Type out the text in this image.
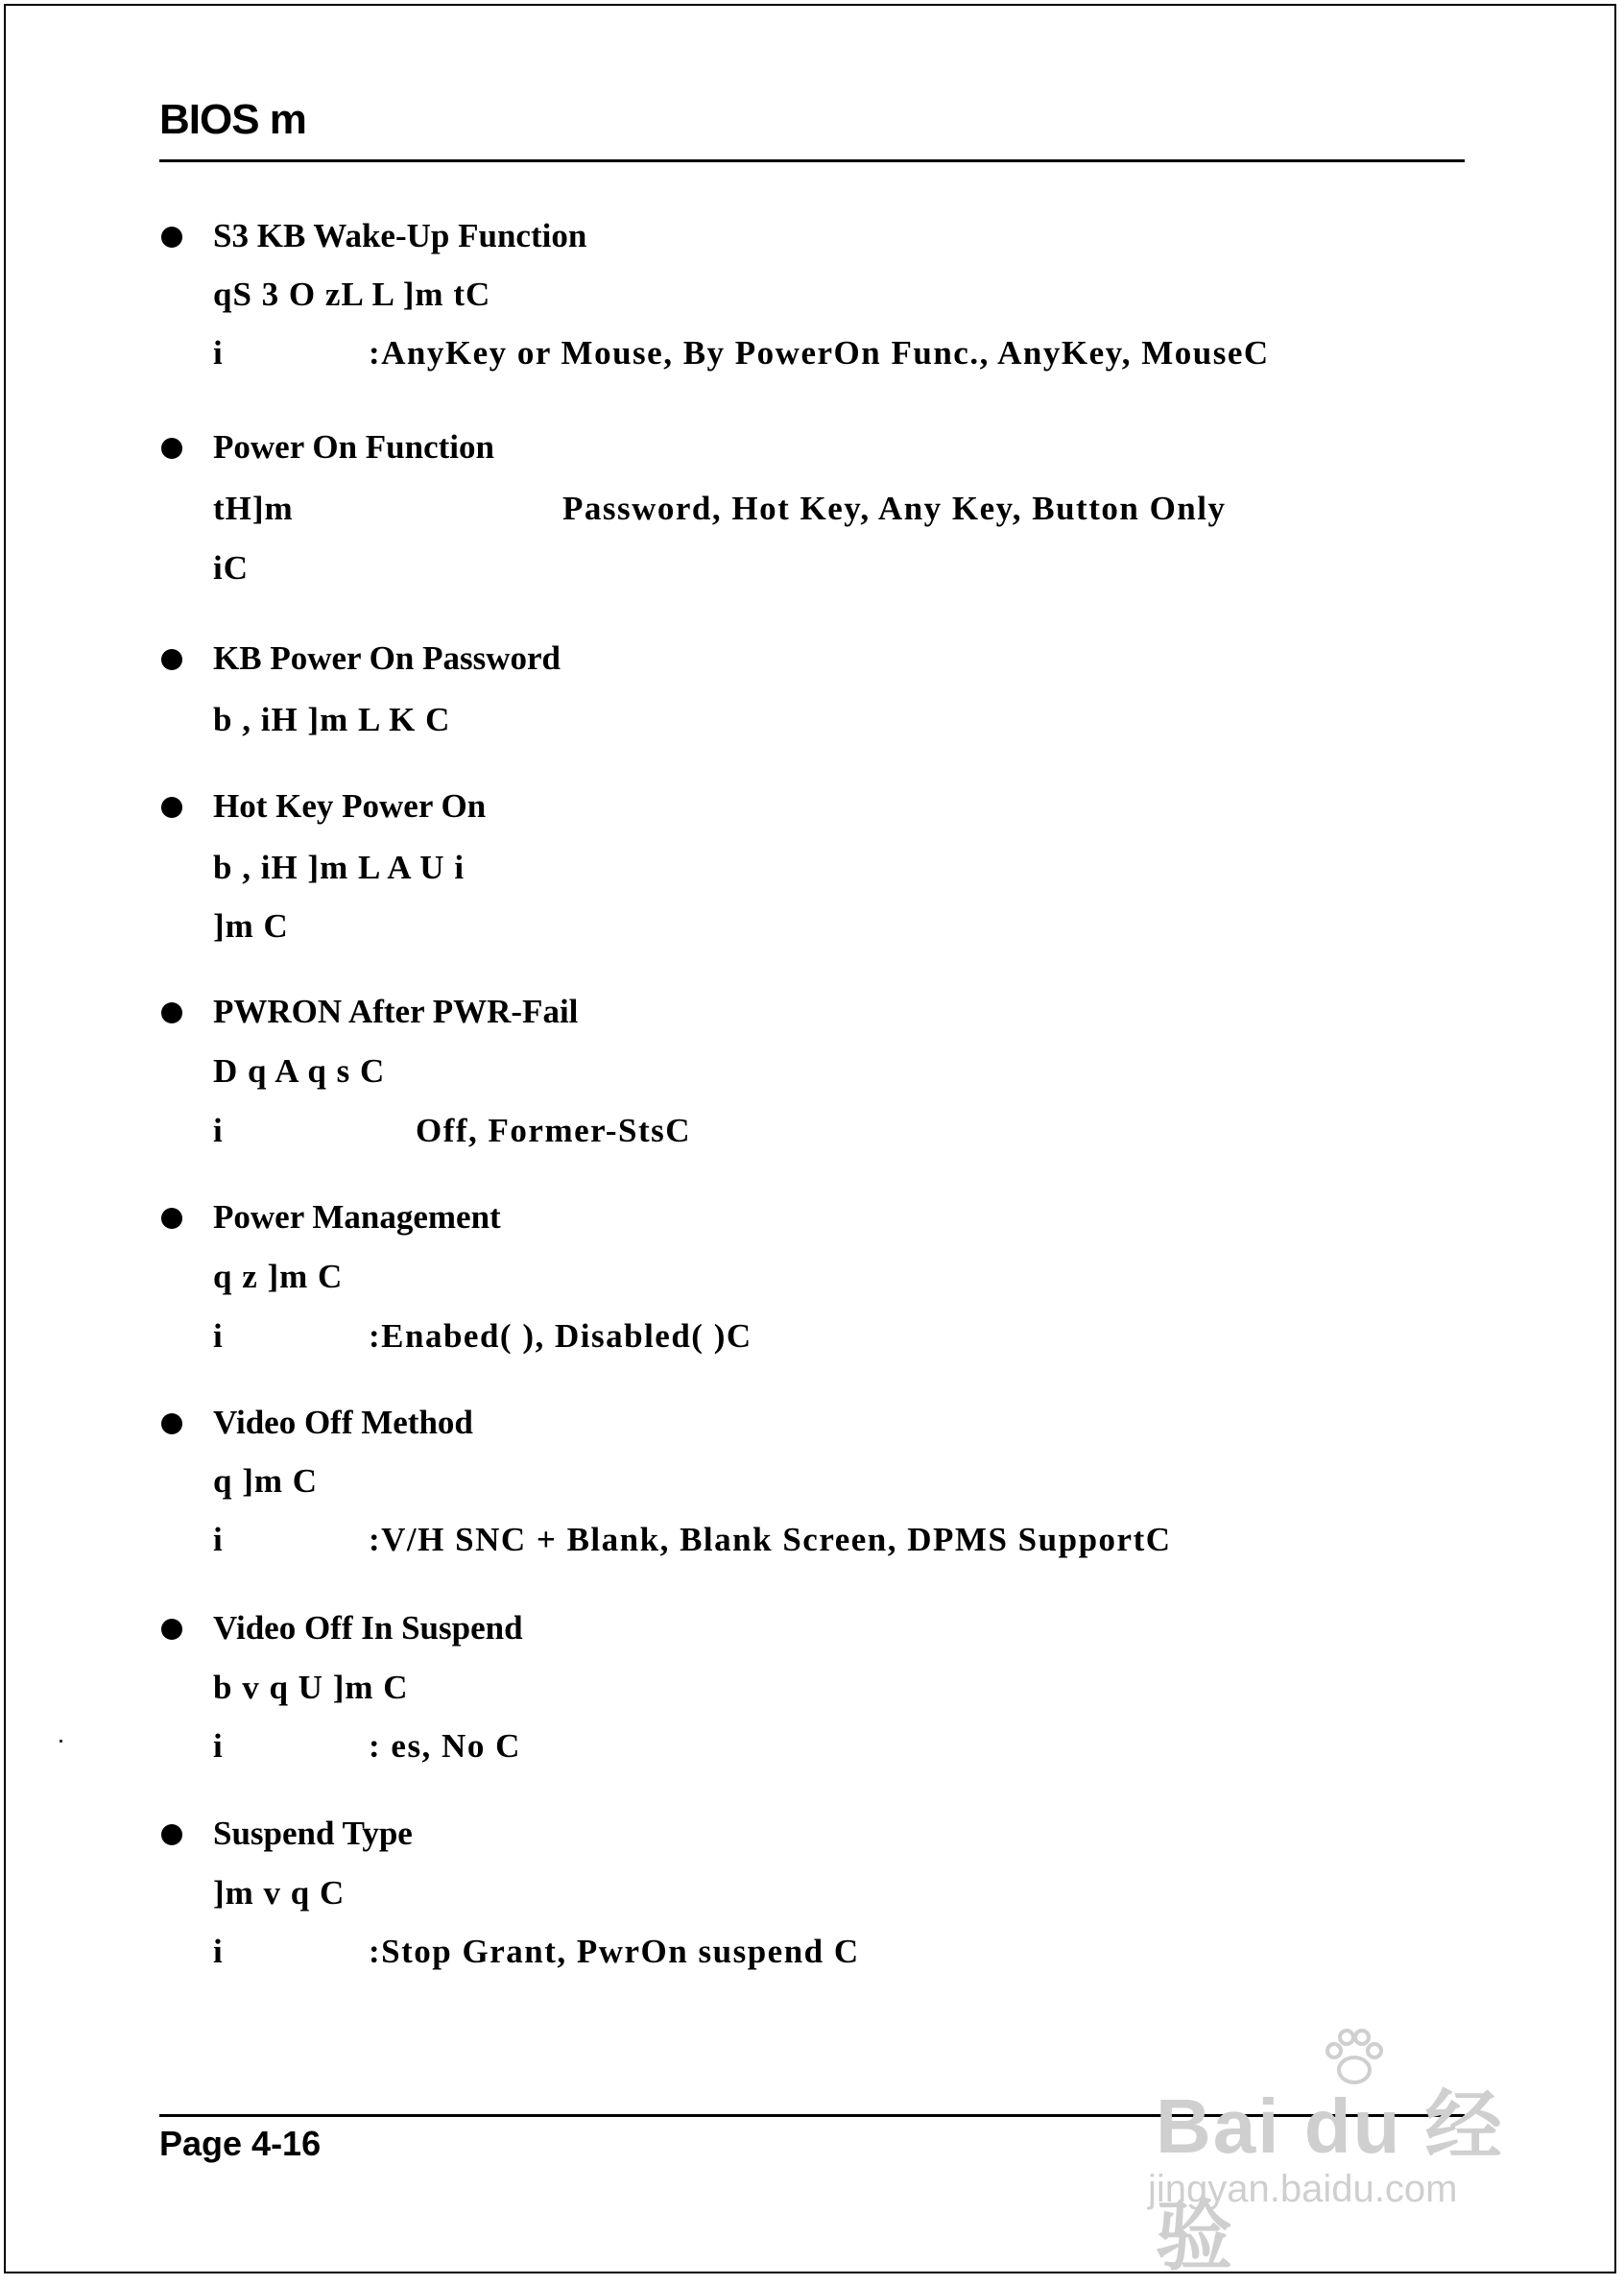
BIOS m
S3 KB Wake-Up Function
qS 3 O zL L ]m tC
i	:AnyKey or Mouse, By PowerOn Func., AnyKey, MouseC
Power On Function
tH]m	Password, Hot Key, Any Key, Button Only
iC
KB Power On Password
b , iH ]m L K C
Hot Key Power On
b , iH ]m L A U i
]m C
PWRON After PWR-Fail
D q A q s C
i	Off, Former-StsC
Power Management
q z ]m C
i	:Enabed( ), Disabled( )C
Video Off Method
q ]m C
i	:V/H SNC + Blank, Blank Screen, DPMS SupportC
Video Off In Suspend
b v q U ]m C
i	: es, No C
Suspend Type
]m v q C
i	:Stop Grant, PwrOn suspend C
Page 4-16	Bai du 经验
jingyan.baidu.com
